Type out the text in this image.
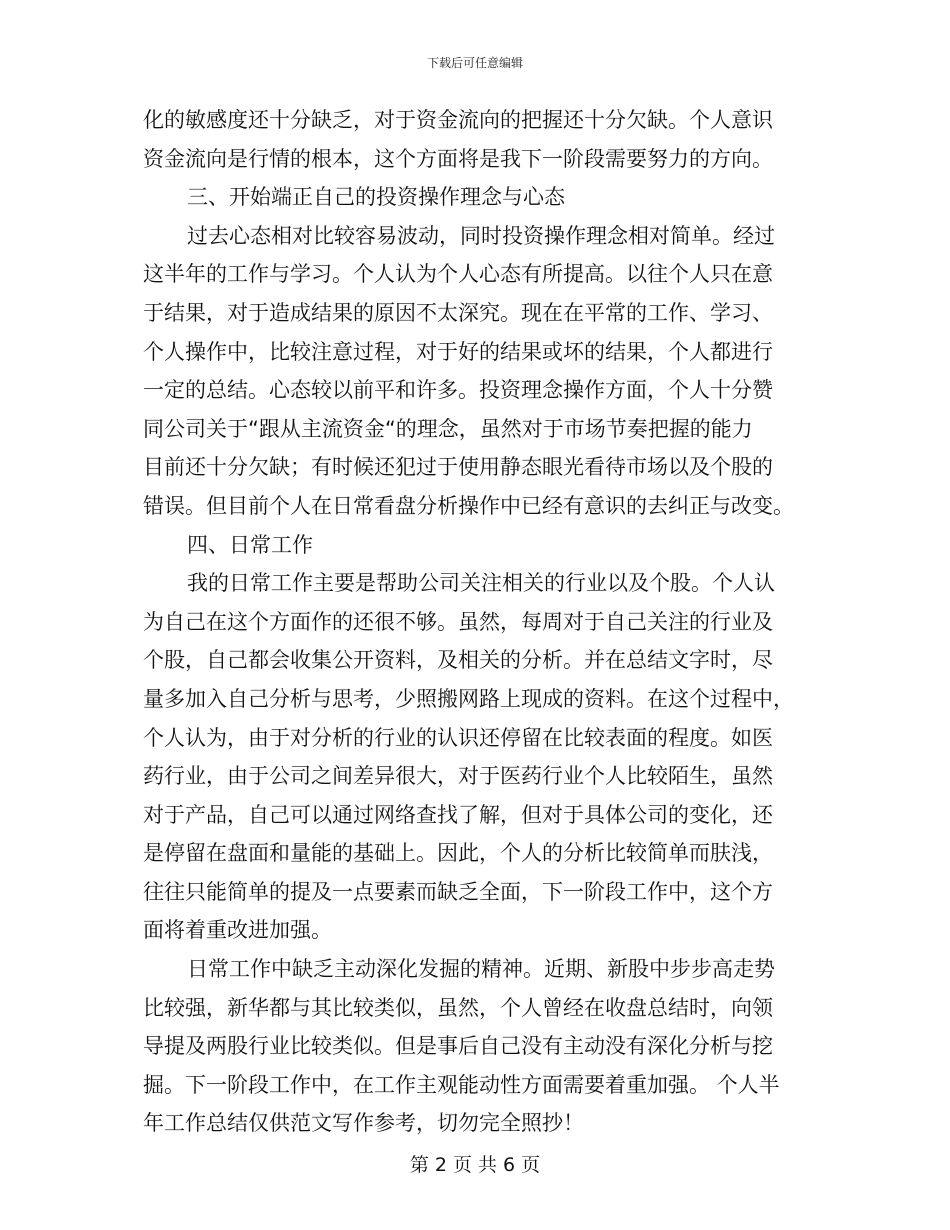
下载后可任意编辑
化的敏感度还十分缺乏，对于资金流向的把握还十分欠缺。个人意识
资金流向是行情的根本，这个方面将是我下一阶段需要努力的方向。
三、开始端正自己的投资操作理念与心态
过去心态相对比较容易波动，同时投资操作理念相对简单。经过
这半年的工作与学习。个人认为个人心态有所提高。以往个人只在意
于结果，对于造成结果的原因不太深究。现在在平常的工作、学习、
个人操作中，比较注意过程，对于好的结果或坏的结果，个人都进行
一定的总结。心态较以前平和许多。投资理念操作方面，个人十分赞
同公司关于“跟从主流资金“的理念，虽然对于市场节奏把握的能力
目前还十分欠缺；有时候还犯过于使用静态眼光看待市场以及个股的
错误。但目前个人在日常看盘分析操作中已经有意识的去纠正与改变。
四、日常工作
我的日常工作主要是帮助公司关注相关的行业以及个股。个人认
为自己在这个方面作的还很不够。虽然，每周对于自己关注的行业及
个股，自己都会收集公开资料，及相关的分析。并在总结文字时，尽
量多加入自己分析与思考，少照搬网路上现成的资料。在这个过程中，
个人认为，由于对分析的行业的认识还停留在比较表面的程度。如医
药行业，由于公司之间差异很大，对于医药行业个人比较陌生，虽然
对于产品，自己可以通过网络查找了解，但对于具体公司的变化，还
是停留在盘面和量能的基础上。因此，个人的分析比较简单而肤浅，
往往只能简单的提及一点要素而缺乏全面，下一阶段工作中，这个方
面将着重改进加强。
日常工作中缺乏主动深化发掘的精神。近期、新股中步步高走势
比较强，新华都与其比较类似，虽然，个人曾经在收盘总结时，向领
导提及两股行业比较类似。但是事后自己没有主动没有深化分析与挖
掘。下一阶段工作中，在工作主观能动性方面需要着重加强。 个人半
年工作总结仅供范文写作参考，切勿完全照抄！
第 2 页 共 6 页
